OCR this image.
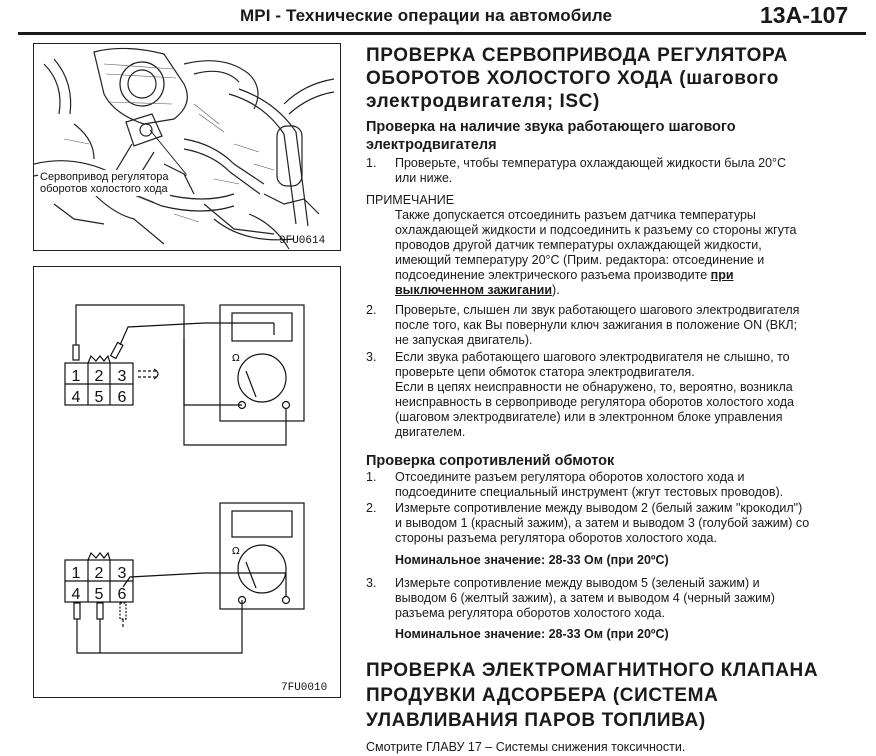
MPI - Технические операции на автомобиле	13A-107
Сервопривод регулятора
оборотов холостого хода
9FU0614
1 2 3
4 5 6
1 2 3
4 5 6
Ω
Ω
7FU0010
ПРОВЕРКА СЕРВОПРИВОДА РЕГУЛЯТОРА
ОБОРОТОВ ХОЛОСТОГО ХОДА (шагового
электродвигателя; ISC)
Проверка на наличие звука работающего шагового
электродвигателя
1. Проверьте, чтобы температура охлаждающей жидкости была 20°C
или ниже.
ПРИМЕЧАНИЕ
Также допускается отсоединить разъем датчика температуры
охлаждающей жидкости и подсоединить к разъему со стороны жгута
проводов другой датчик температуры охлаждающей жидкости,
имеющий температуру 20°C (Прим. редактора: отсоединение и
подсоединение электрического разъема производите при
выключенном зажигании).
2. Проверьте, слышен ли звук работающего шагового электродвигателя
после того, как Вы повернули ключ зажигания в положение ON (ВКЛ;
не запуская двигатель).
3. Если звука работающего шагового электродвигателя не слышно, то
проверьте цепи обмоток статора электродвигателя.
Если в цепях неисправности не обнаружено, то, вероятно, возникла
неисправность в сервоприводе регулятора оборотов холостого хода
(шаговом электродвигателе) или в электронном блоке управления
двигателем.
Проверка сопротивлений обмоток
1. Отсоедините разъем регулятора оборотов холостого хода и
подсоедините специальный инструмент (жгут тестовых проводов).
2. Измерьте сопротивление между выводом 2 (белый зажим "крокодил")
и выводом 1 (красный зажим), а затем и выводом 3 (голубой зажим) со
стороны разъема регулятора оборотов холостого хода.
Номинальное значение: 28-33 Ом (при 20ºC)
3. Измерьте сопротивление между выводом 5 (зеленый зажим) и
выводом 6 (желтый зажим), а затем и выводом 4 (черный зажим)
разъема регулятора оборотов холостого хода.
Номинальное значение: 28-33 Ом (при 20ºC)
ПРОВЕРКА ЭЛЕКТРОМАГНИТНОГО КЛАПАНА
ПРОДУВКИ АДСОРБЕРА (СИСТЕМА
УЛАВЛИВАНИЯ ПАРОВ ТОПЛИВА)
Смотрите ГЛАВУ 17 – Системы снижения токсичности.
